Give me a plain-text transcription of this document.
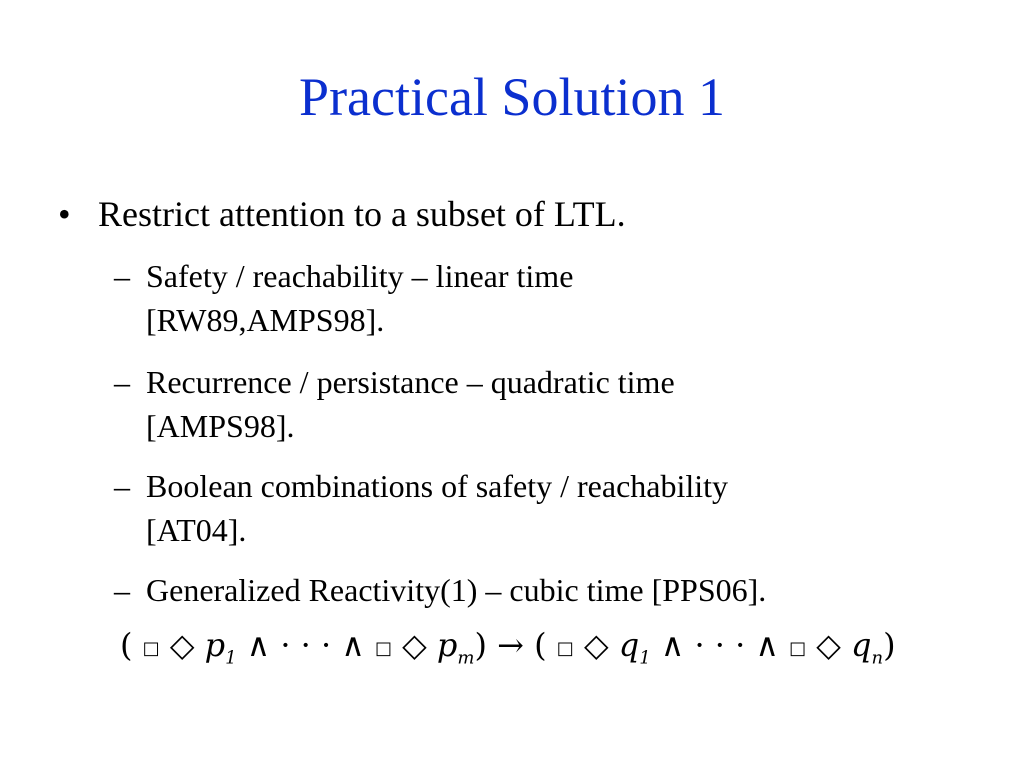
Practical Solution 1
• Restrict attention to a subset of LTL.
– Safety / reachability – linear time
[RW89,AMPS98].
– Recurrence / persistance – quadratic time
[AMPS98].
– Boolean combinations of safety / reachability
[AT04].
– Generalized Reactivity(1) – cubic time [PPS06].
( □ ◇ $p_1$ ∧ · · · ∧ □ ◇ $p_m$) → ( □ ◇ $q_1$ ∧ · · · ∧ □ ◇ $q_n$)
